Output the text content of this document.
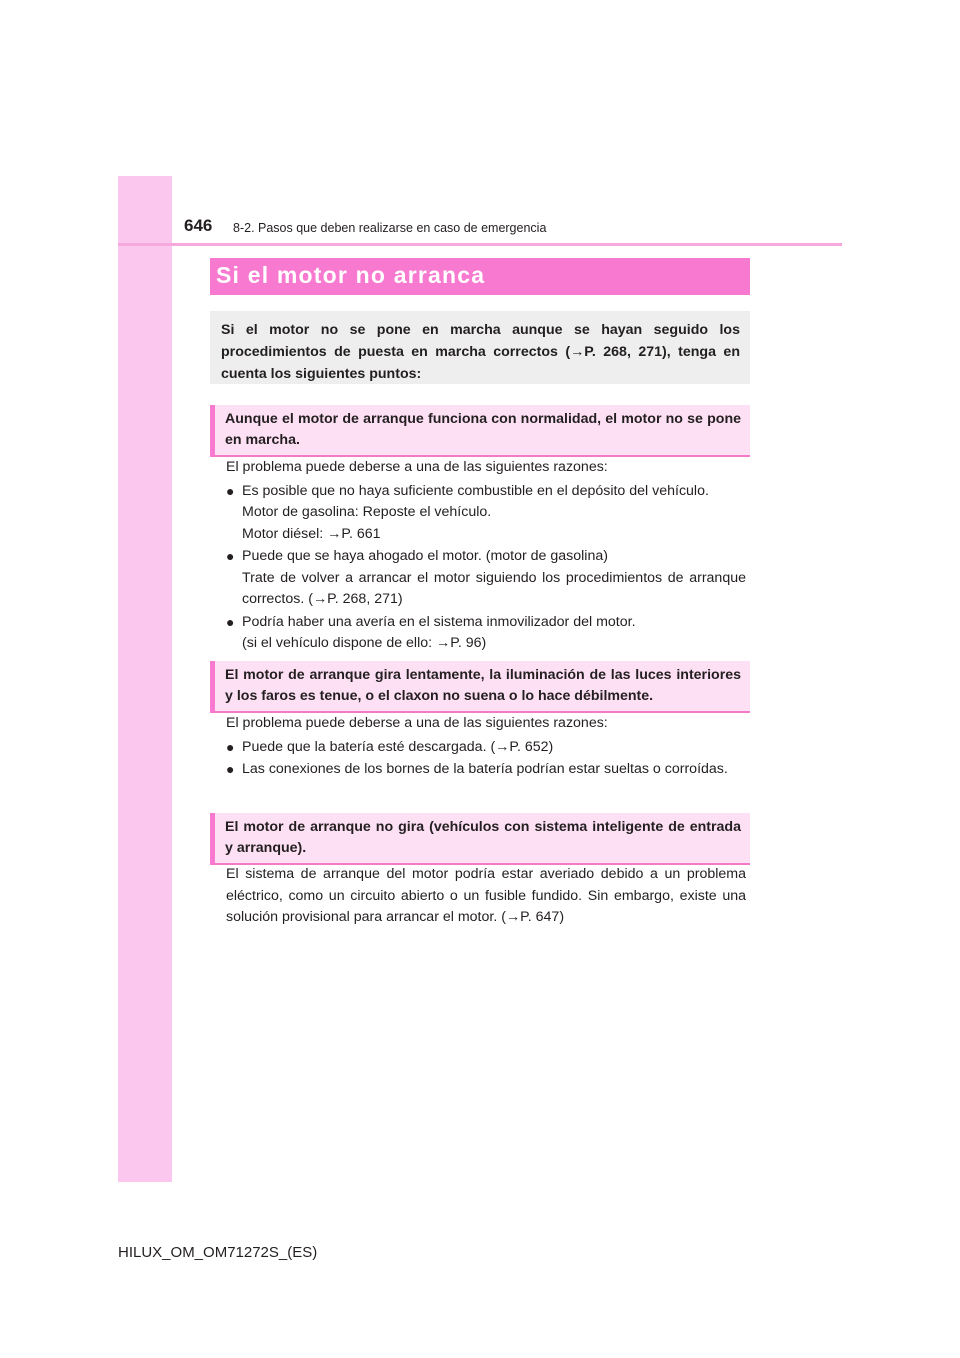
646 8-2. Pasos que deben realizarse en caso de emergencia
Si el motor no arranca

Si el motor no se pone en marcha aunque se hayan seguido los procedimientos de puesta en marcha correctos (→P. 268, 271), tenga en cuenta los siguientes puntos:

Aunque el motor de arranque funciona con normalidad, el motor no se pone en marcha.

El problema puede deberse a una de las siguientes razones:

● Es posible que no haya suficiente combustible en el depósito del vehículo.

Motor de gasolina: Reposte el vehículo.

Motor diésel: →P. 661

● Puede que se haya ahogado el motor. (motor de gasolina)

Trate de volver a arrancar el motor siguiendo los procedimientos de arranque correctos. (→P. 268, 271)

● Podría haber una avería en el sistema inmovilizador del motor.

(si el vehículo dispone de ello: →P. 96)

El motor de arranque gira lentamente, la iluminación de las luces interiores y los faros es tenue, o el claxon no suena o lo hace débilmente.

El problema puede deberse a una de las siguientes razones:

● Puede que la batería esté descargada. (→P. 652)

● Las conexiones de los bornes de la batería podrían estar sueltas o corroídas.

El motor de arranque no gira (vehículos con sistema inteligente de entrada y arranque).

El sistema de arranque del motor podría estar averiado debido a un problema eléctrico, como un circuito abierto o un fusible fundido. Sin embargo, existe una solución provisional para arrancar el motor. (→P. 647)

HILUX_OM_OM71272S_(ES)
